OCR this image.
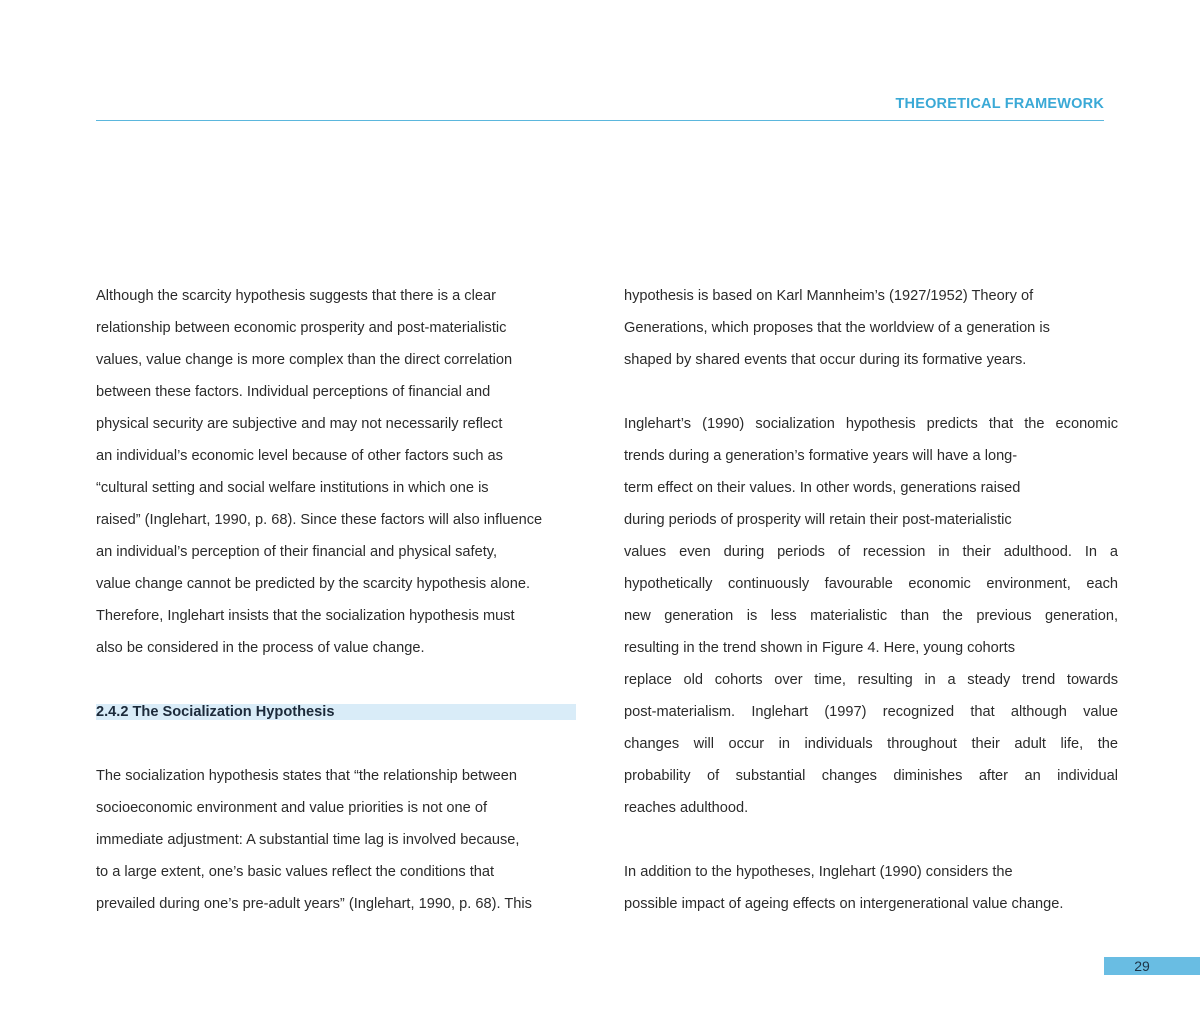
THEORETICAL FRAMEWORK
Although the scarcity hypothesis suggests that there is a clear
relationship between economic prosperity and post-materialistic
values, value change is more complex than the direct correlation
between these factors. Individual perceptions of financial and
physical security are subjective and may not necessarily reflect
an individual’s economic level because of other factors such as
“cultural setting and social welfare institutions in which one is
raised” (Inglehart, 1990, p. 68). Since these factors will also influence
an individual’s perception of their financial and physical safety,
value change cannot be predicted by the scarcity hypothesis alone.
Therefore, Inglehart insists that the socialization hypothesis must
also be considered in the process of value change.
2.4.2 The Socialization Hypothesis
The socialization hypothesis states that “the relationship between
socioeconomic environment and value priorities is not one of
immediate adjustment: A substantial time lag is involved because,
to a large extent, one’s basic values reflect the conditions that
prevailed during one’s pre-adult years” (Inglehart, 1990, p. 68). This
hypothesis is based on Karl Mannheim’s (1927/1952) Theory of
Generations, which proposes that the worldview of a generation is
shaped by shared events that occur during its formative years.
Inglehart’s (1990) socialization hypothesis predicts that the economic
trends during a generation’s formative years will have a long-
term effect on their values. In other words, generations raised
during periods of prosperity will retain their post-materialistic
values even during periods of recession in their adulthood. In a
hypothetically continuously favourable economic environment, each
new generation is less materialistic than the previous generation,
resulting in the trend shown in Figure 4. Here, young cohorts
replace old cohorts over time, resulting in a steady trend towards
post-materialism. Inglehart (1997) recognized that although value
changes will occur in individuals throughout their adult life, the
probability of substantial changes diminishes after an individual
reaches adulthood.
In addition to the hypotheses, Inglehart (1990) considers the
possible impact of ageing effects on intergenerational value change.
29
